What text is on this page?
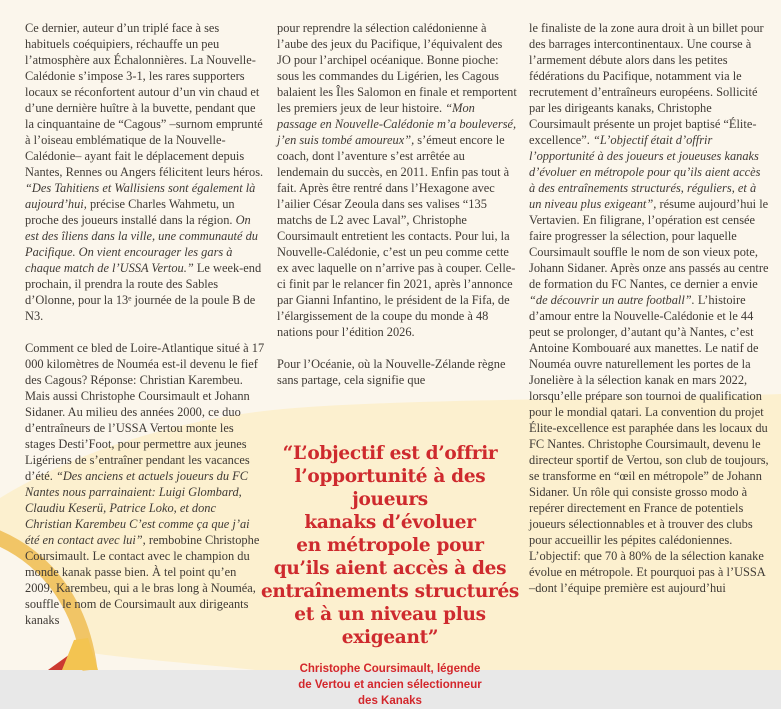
Ce dernier, auteur d’un triplé face à ses habituels coéquipiers, réchauffe un peu l’atmosphère aux Échalonnières. La Nouvelle-Calédonie s’impose 3-1, les rares supporters locaux se réconfortent autour d’un vin chaud et d’une dernière huître à la buvette, pendant que la cinquantaine de “Cagous” –surnom emprunté à l’oiseau emblématique de la Nouvelle-Calédonie– ayant fait le déplacement depuis Nantes, Rennes ou Angers félicitent leurs héros. “Des Tahitiens et Wallisiens sont également là aujourd’hui, précise Charles Wahmetu, un proche des joueurs installé dans la région. On est des îliens dans la ville, une communauté du Pacifique. On vient encourager les gars à chaque match de l’USSA Vertou.” Le week-end prochain, il prendra la route des Sables d’Olonne, pour la 13ᵉ journée de la poule B de N3.

Comment ce bled de Loire-Atlantique situé à 17 000 kilomètres de Nouméa est-il devenu le fief des Cagous? Réponse: Christian Karembeu. Mais aussi Christophe Coursimault et Johann Sidaner. Au milieu des années 2000, ce duo d’entraîneurs de l’USSA Vertou monte les stages Desti’Foot, pour permettre aux jeunes Ligériens de s’entraîner pendant les vacances d’été. “Des anciens et actuels joueurs du FC Nantes nous parrainaient: Luigi Glombard, Claudiu Keserü, Patrice Loko, et donc Christian Karembeu C’est comme ça que j’ai été en contact avec lui”, rembobine Christophe Coursimault. Le contact avec le champion du monde kanak passe bien. À tel point qu’en 2009, Karembeu, qui a le bras long à Nouméa, souffle le nom de Coursimault aux dirigeants kanaks

pour reprendre la sélection calédonienne à l’aube des jeux du Pacifique, l’équivalent des JO pour l’archipel océanique. Bonne pioche: sous les commandes du Ligérien, les Cagous balaient les Îles Salomon en finale et remportent les premiers jeux de leur histoire. “Mon passage en Nouvelle-Calédonie m’a bouleversé, j’en suis tombé amoureux”, s’émeut encore le coach, dont l’aventure s’est arrêtée au lendemain du succès, en 2011. Enfin pas tout à fait. Après être rentré dans l’Hexagone avec l’ailier César Zeoula dans ses valises “135 matchs de L2 avec Laval”, Christophe Coursimault entretient les contacts. Pour lui, la Nouvelle-Calédonie, c’est un peu comme cette ex avec laquelle on n’arrive pas à couper. Celle-ci finit par le relancer fin 2021, après l’annonce par Gianni Infantino, le président de la Fifa, de l’élargissement de la coupe du monde à 48 nations pour l’édition 2026.

Pour l’Océanie, où la Nouvelle-Zélande règne sans partage, cela signifie que

le finaliste de la zone aura droit à un billet pour des barrages intercontinentaux. Une course à l’armement débute alors dans les petites fédérations du Pacifique, notamment via le recrutement d’entraîneurs européens. Sollicité par les dirigeants kanaks, Christophe Coursimault présente un projet baptisé “Élite-excellence”. “L’objectif était d’offrir l’opportunité à des joueurs et joueuses kanaks d’évoluer en métropole pour qu’ils aient accès à des entraînements structurés, réguliers, et à un niveau plus exigeant”, résume aujourd’hui le Vertavien. En filigrane, l’opération est censée faire progresser la sélection, pour laquelle Coursimault souffle le nom de son vieux pote, Johann Sidaner. Après onze ans passés au centre de formation du FC Nantes, ce dernier a envie “de découvrir un autre football”. L’histoire d’amour entre la Nouvelle-Calédonie et le 44 peut se prolonger, d’autant qu’à Nantes, c’est Antoine Kombouaré aux manettes. Le natif de Nouméa ouvre naturellement les portes de la Jonelière à la sélection kanak en mars 2022, lorsqu’elle prépare son tournoi de qualification pour le mondial qatari. La convention du projet Élite-excellence est paraphée dans les locaux du FC Nantes. Christophe Coursimault, devenu le directeur sportif de Vertou, son club de toujours, se transforme en “œil en métropole” de Johann Sidaner. Un rôle qui consiste grosso modo à repérer directement en France de potentiels joueurs sélectionnables et à trouver des clubs pour accueillir les pépites calédoniennes. L’objectif: que 70 à 80% de la sélection kanake évolue en métropole. Et pourquoi pas à l’USSA –dont l’équipe première est aujourd’hui

“L’objectif est d’offrir
l’opportunité à des joueurs
kanaks d’évoluer
en métropole pour
qu’ils aient accès à des
entraînements structurés
et à un niveau plus exigeant”
Christophe Coursimault, légende
de Vertou et ancien sélectionneur
des Kanaks
